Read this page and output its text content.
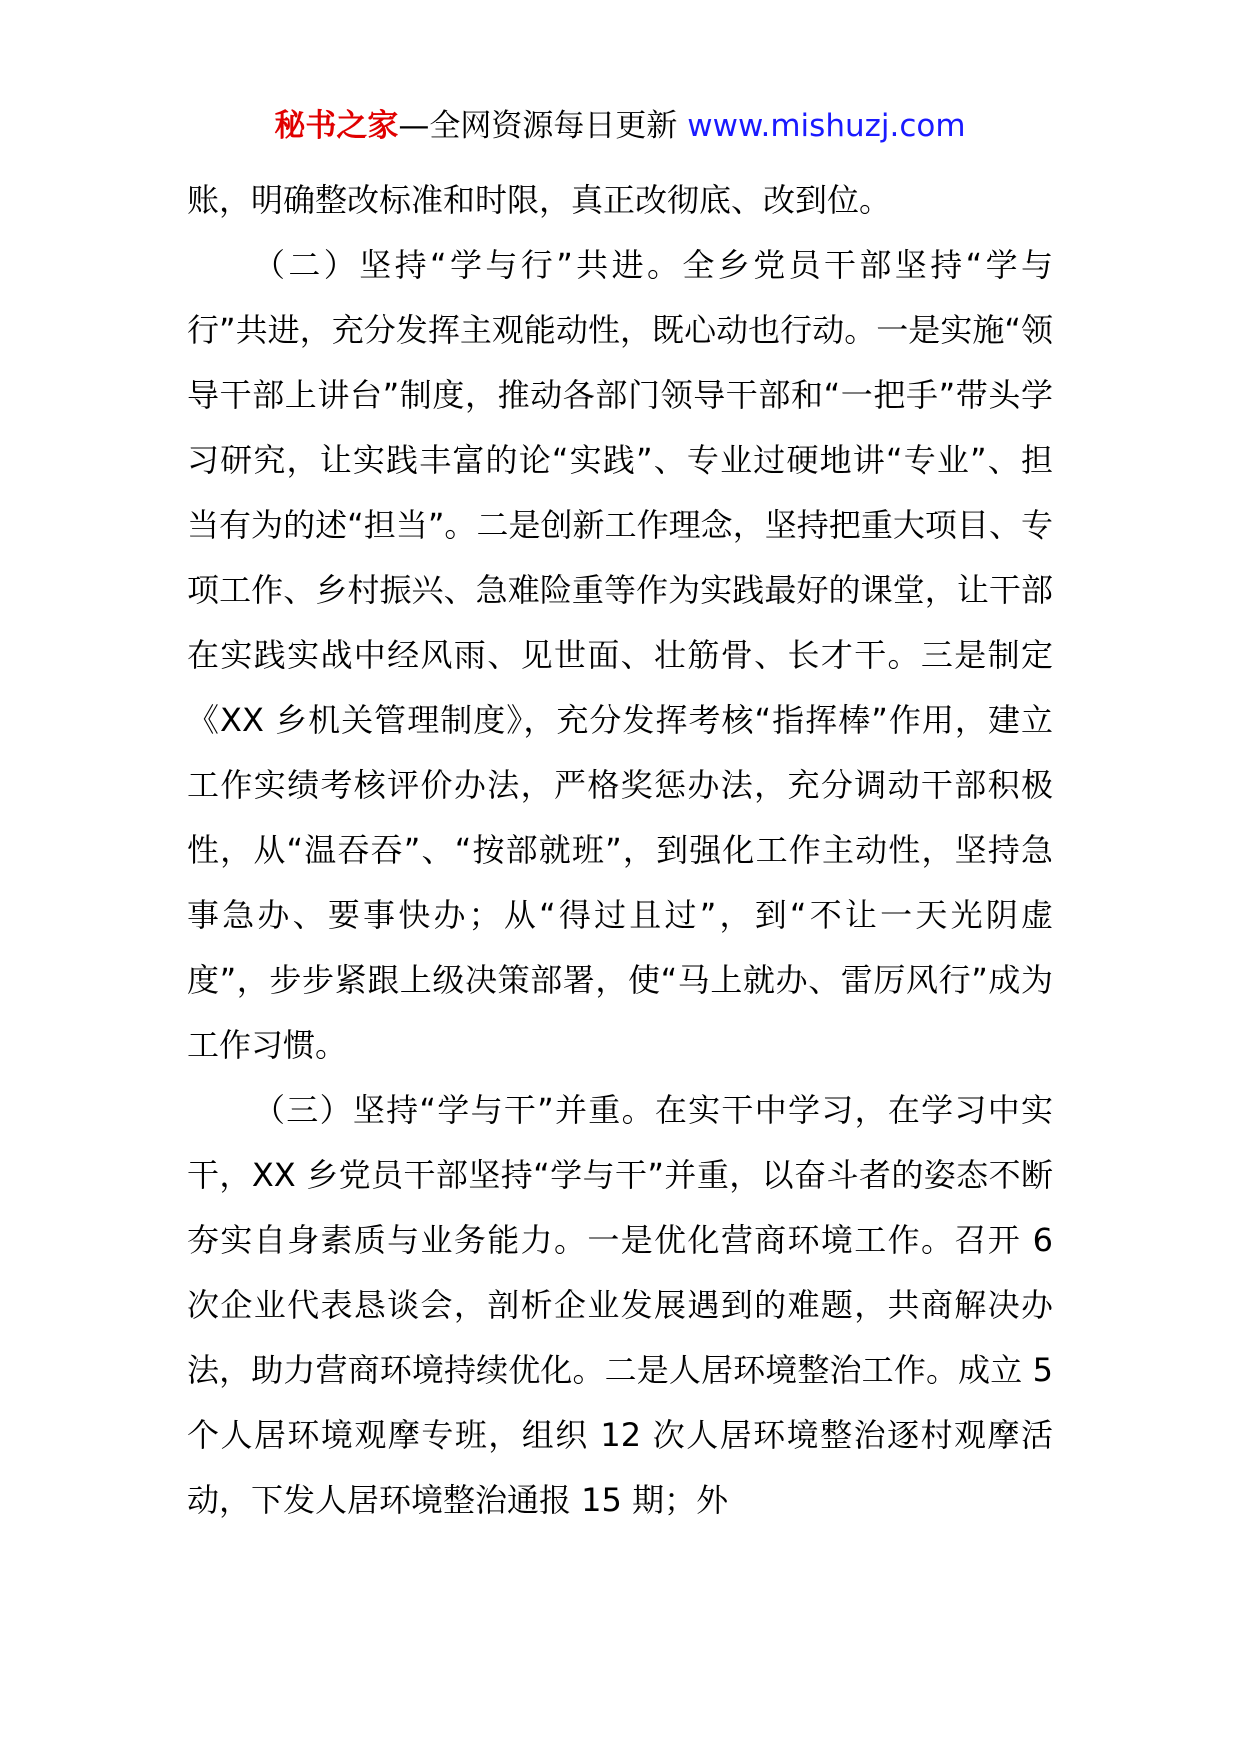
秘书之家—全网资源每日更新 www.mishuzj.com

账，明确整改标准和时限，真正改彻底、改到位。

（二）坚持“学与行”共进。全乡党员干部坚持“学与行”共进，充分发挥主观能动性，既心动也行动。一是实施“领导干部上讲台”制度，推动各部门领导干部和“一把手”带头学习研究，让实践丰富的论“实践”、专业过硬地讲“专业”、担当有为的述“担当”。二是创新工作理念，坚持把重大项目、专项工作、乡村振兴、急难险重等作为实践最好的课堂，让干部在实践实战中经风雨、见世面、壮筋骨、长才干。三是制定《XX 乡机关管理制度》，充分发挥考核“指挥棒”作用，建立工作实绩考核评价办法，严格奖惩办法，充分调动干部积极性，从“温吞吞”、“按部就班”，到强化工作主动性，坚持急事急办、要事快办；从“得过且过”，到“不让一天光阴虚度”，步步紧跟上级决策部署，使“马上就办、雷厉风行”成为工作习惯。

（三）坚持“学与干”并重。在实干中学习，在学习中实干，XX 乡党员干部坚持“学与干”并重，以奋斗者的姿态不断夯实自身素质与业务能力。一是优化营商环境工作。召开 6 次企业代表恳谈会，剖析企业发展遇到的难题，共商解决办法，助力营商环境持续优化。二是人居环境整治工作。成立 5 个人居环境观摩专班，组织 12 次人居环境整治逐村观摩活动，下发人居环境整治通报 15 期；外
